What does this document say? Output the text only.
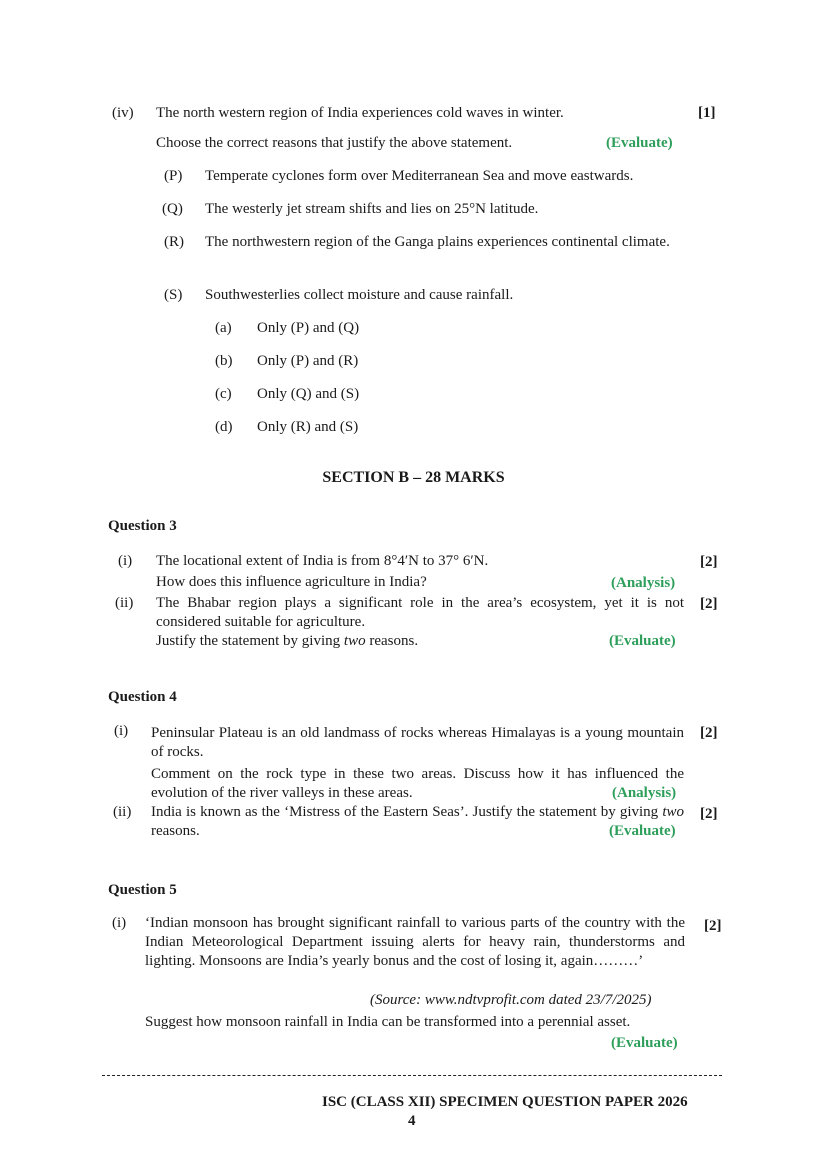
(iv) The north western region of India experiences cold waves in winter.	[1]
Choose the correct reasons that justify the above statement.	(Evaluate)
(P) Temperate cyclones form over Mediterranean Sea and move eastwards.
(Q) The westerly jet stream shifts and lies on 25°N latitude.
(R) The northwestern region of the Ganga plains experiences continental climate.
(S) Southwesterlies collect moisture and cause rainfall.
(a) Only (P) and (Q)
(b) Only (P) and (R)
(c) Only (Q) and (S)
(d) Only (R) and (S)
SECTION B – 28 MARKS
Question 3
(i) The locational extent of India is from 8°4′N to 37° 6′N.	[2]
How does this influence agriculture in India?	(Analysis)
(ii) The Bhabar region plays a significant role in the area’s ecosystem, yet it is not considered suitable for agriculture.
[2]
Justify the statement by giving two reasons.	(Evaluate)
Question 4
(i) Peninsular Plateau is an old landmass of rocks whereas Himalayas is a young mountain of rocks.
[2]
Comment on the rock type in these two areas. Discuss how it has influenced the evolution of the river valleys in these areas.	(Analysis)
(ii) India is known as the ‘Mistress of the Eastern Seas’. Justify the statement by giving two reasons.
[2]
(Evaluate)
Question 5
(i) ‘Indian monsoon has brought significant rainfall to various parts of the country with the Indian Meteorological Department issuing alerts for heavy rain, thunderstorms and lighting. Monsoons are India’s yearly bonus and the cost of losing it, again………’
[2]
(Source: www.ndtvprofit.com dated 23/7/2025)
Suggest how monsoon rainfall in India can be transformed into a perennial asset.
(Evaluate)
ISC (CLASS XII) SPECIMEN QUESTION PAPER 2026
4
